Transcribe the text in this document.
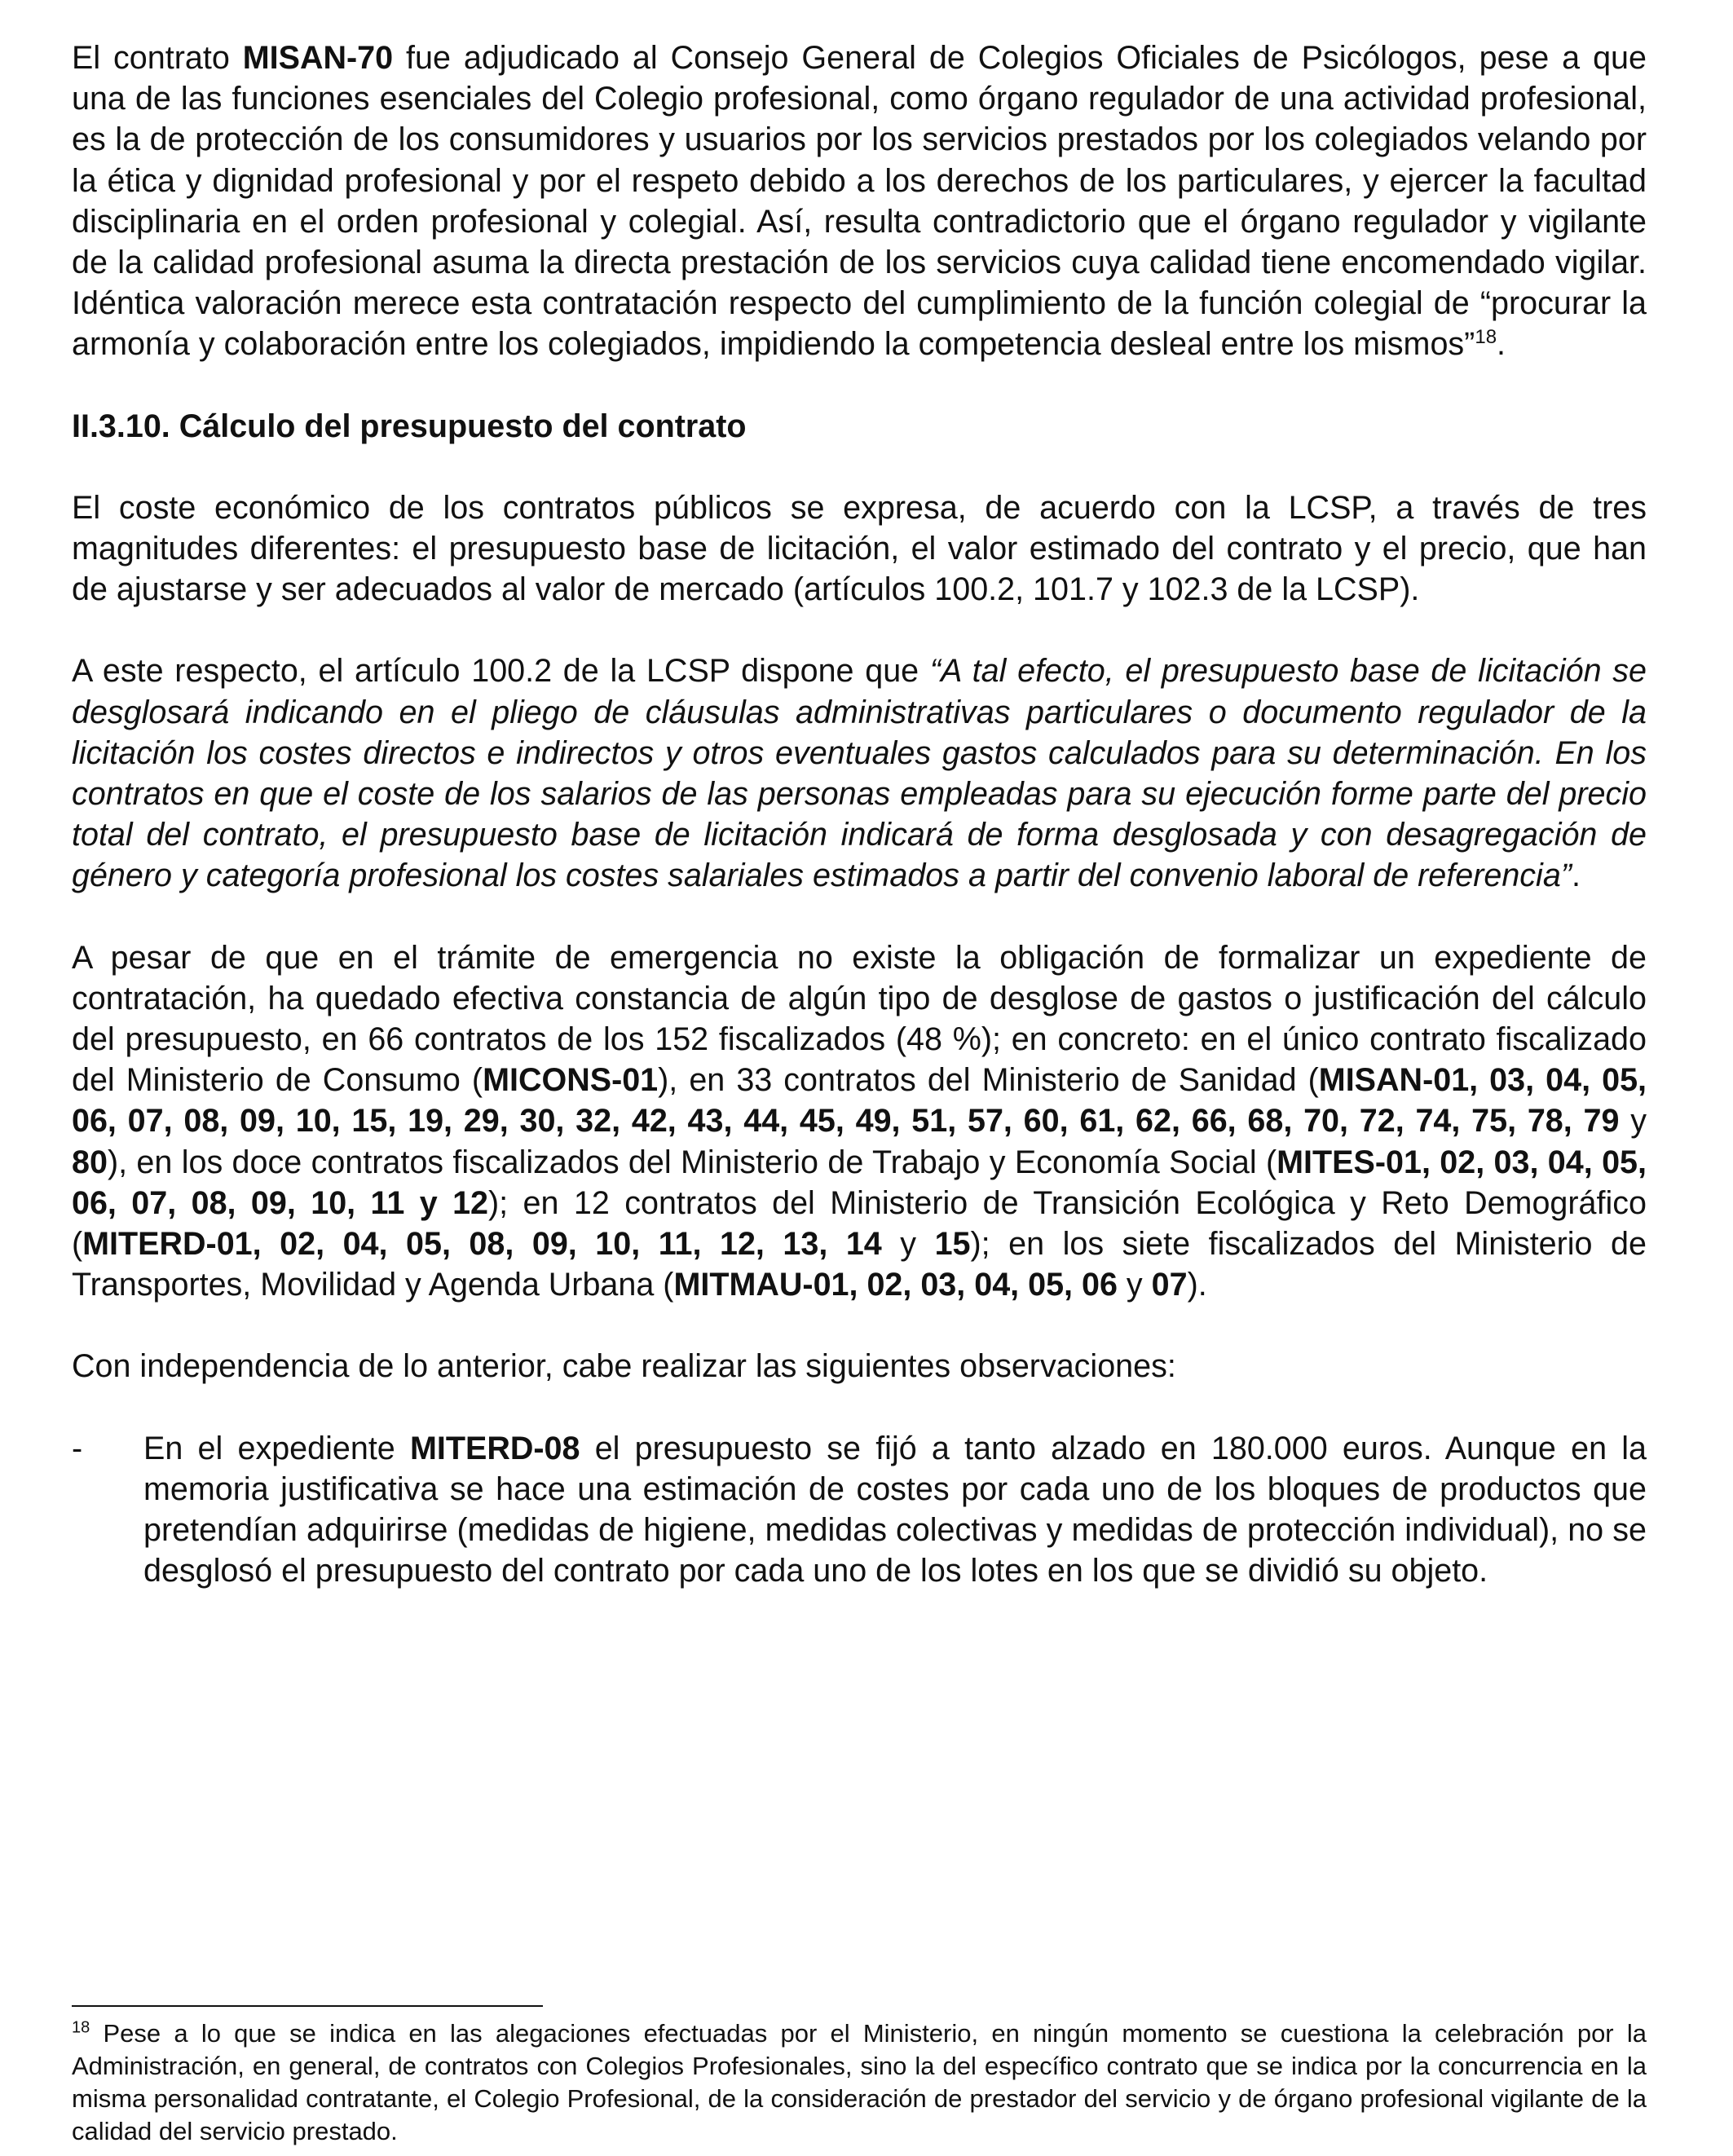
El contrato MISAN-70 fue adjudicado al Consejo General de Colegios Oficiales de Psicólogos, pese a que una de las funciones esenciales del Colegio profesional, como órgano regulador de una actividad profesional, es la de protección de los consumidores y usuarios por los servicios prestados por los colegiados velando por la ética y dignidad profesional y por el respeto debido a los derechos de los particulares, y ejercer la facultad disciplinaria en el orden profesional y colegial. Así, resulta contradictorio que el órgano regulador y vigilante de la calidad profesional asuma la directa prestación de los servicios cuya calidad tiene encomendado vigilar. Idéntica valoración merece esta contratación respecto del cumplimiento de la función colegial de “procurar la armonía y colaboración entre los colegiados, impidiendo la competencia desleal entre los mismos”$^{18}$.

II.3.10. Cálculo del presupuesto del contrato

El coste económico de los contratos públicos se expresa, de acuerdo con la LCSP, a través de tres magnitudes diferentes: el presupuesto base de licitación, el valor estimado del contrato y el precio, que han de ajustarse y ser adecuados al valor de mercado (artículos 100.2, 101.7 y 102.3 de la LCSP).

A este respecto, el artículo 100.2 de la LCSP dispone que “A tal efecto, el presupuesto base de licitación se desglosará indicando en el pliego de cláusulas administrativas particulares o documento regulador de la licitación los costes directos e indirectos y otros eventuales gastos calculados para su determinación. En los contratos en que el coste de los salarios de las personas empleadas para su ejecución forme parte del precio total del contrato, el presupuesto base de licitación indicará de forma desglosada y con desagregación de género y categoría profesional los costes salariales estimados a partir del convenio laboral de referencia”.

A pesar de que en el trámite de emergencia no existe la obligación de formalizar un expediente de contratación, ha quedado efectiva constancia de algún tipo de desglose de gastos o justificación del cálculo del presupuesto, en 66 contratos de los 152 fiscalizados (48 %); en concreto: en el único contrato fiscalizado del Ministerio de Consumo (MICONS-01), en 33 contratos del Ministerio de Sanidad (MISAN-01, 03, 04, 05, 06, 07, 08, 09, 10, 15, 19, 29, 30, 32, 42, 43, 44, 45, 49, 51, 57, 60, 61, 62, 66, 68, 70, 72, 74, 75, 78, 79 y 80), en los doce contratos fiscalizados del Ministerio de Trabajo y Economía Social (MITES-01, 02, 03, 04, 05, 06, 07, 08, 09, 10, 11 y 12); en 12 contratos del Ministerio de Transición Ecológica y Reto Demográfico (MITERD-01, 02, 04, 05, 08, 09, 10, 11, 12, 13, 14 y 15); en los siete fiscalizados del Ministerio de Transportes, Movilidad y Agenda Urbana (MITMAU-01, 02, 03, 04, 05, 06 y 07).

Con independencia de lo anterior, cabe realizar las siguientes observaciones:

-	En el expediente MITERD-08 el presupuesto se fijó a tanto alzado en 180.000 euros. Aunque en la memoria justificativa se hace una estimación de costes por cada uno de los bloques de productos que pretendían adquirirse (medidas de higiene, medidas colectivas y medidas de protección individual), no se desglosó el presupuesto del contrato por cada uno de los lotes en los que se dividió su objeto.
$^{18}$ Pese a lo que se indica en las alegaciones efectuadas por el Ministerio, en ningún momento se cuestiona la celebración por la Administración, en general, de contratos con Colegios Profesionales, sino la del específico contrato que se indica por la concurrencia en la misma personalidad contratante, el Colegio Profesional, de la consideración de prestador del servicio y de órgano profesional vigilante de la calidad del servicio prestado.
